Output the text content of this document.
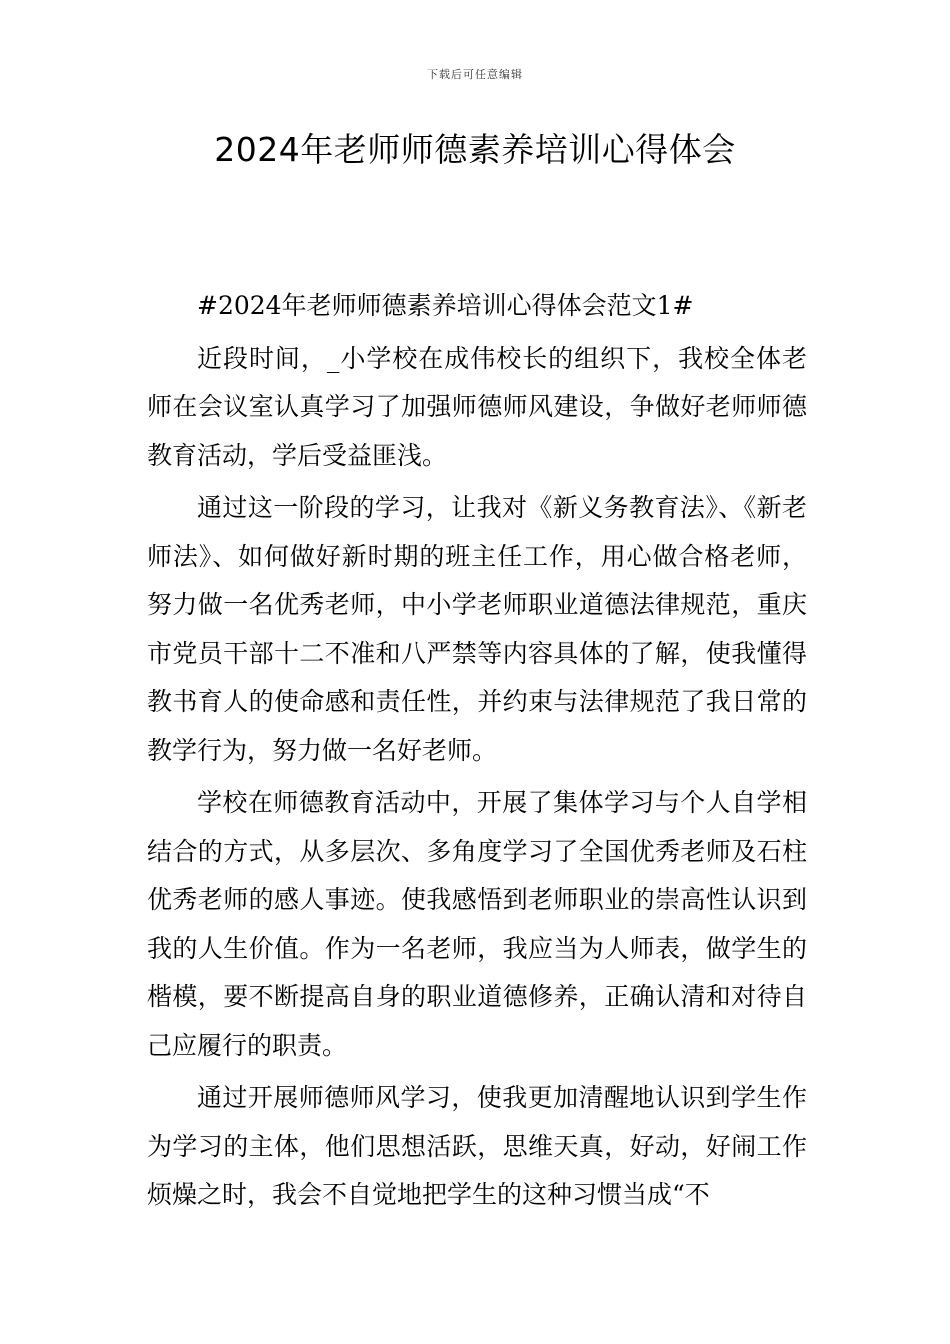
下载后可任意编辑
2024年老师师德素养培训心得体会

#2024年老师师德素养培训心得体会范文1#

近段时间，_小学校在成伟校长的组织下，我校全体老师在会议室认真学习了加强师德师风建设，争做好老师师德教育活动，学后受益匪浅。

通过这一阶段的学习，让我对《新义务教育法》、《新老师法》、如何做好新时期的班主任工作，用心做合格老师，努力做一名优秀老师，中小学老师职业道德法律规范，重庆市党员干部十二不准和八严禁等内容具体的了解，使我懂得教书育人的使命感和责任性，并约束与法律规范了我日常的教学行为，努力做一名好老师。

学校在师德教育活动中，开展了集体学习与个人自学相结合的方式，从多层次、多角度学习了全国优秀老师及石柱优秀老师的感人事迹。使我感悟到老师职业的崇高性认识到我的人生价值。作为一名老师，我应当为人师表，做学生的楷模，要不断提高自身的职业道德修养，正确认清和对待自己应履行的职责。

通过开展师德师风学习，使我更加清醒地认识到学生作为学习的主体，他们思想活跃，思维天真，好动，好闹工作烦燥之时，我会不自觉地把学生的这种习惯当成“不
